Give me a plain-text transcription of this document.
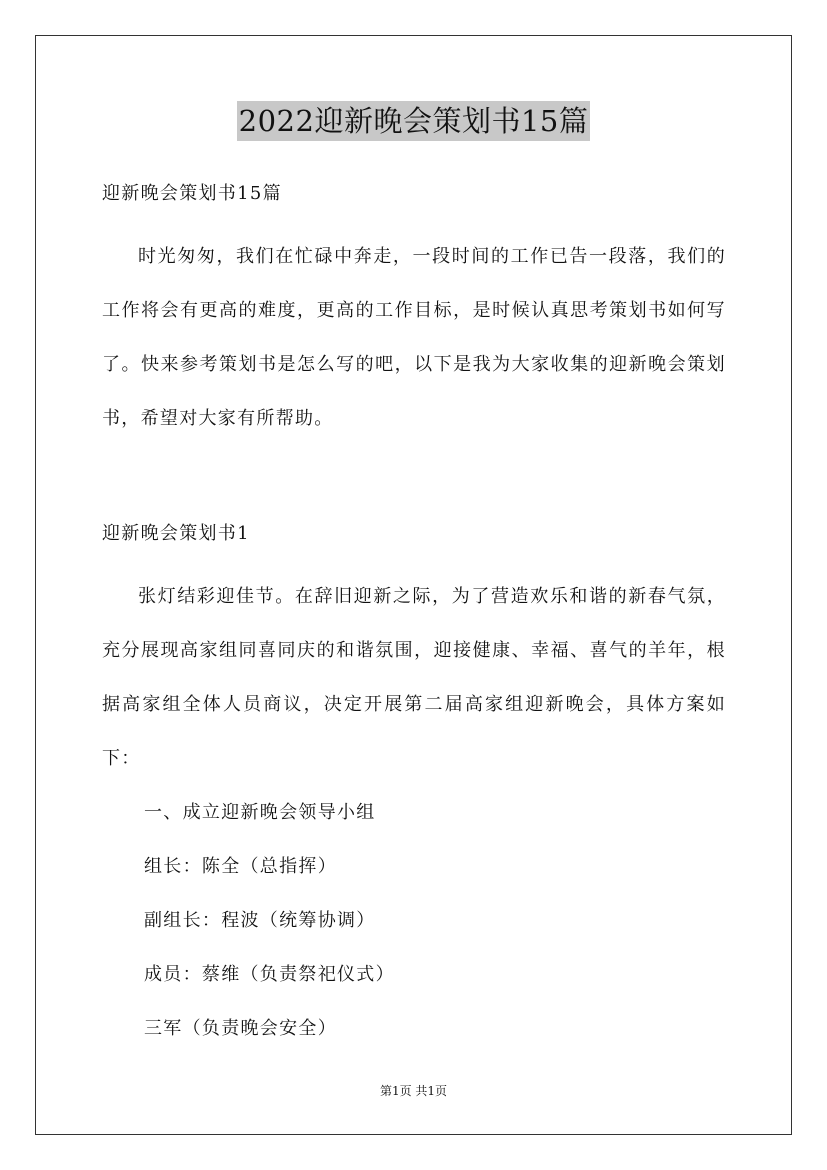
2022迎新晚会策划书15篇

迎新晚会策划书15篇

时光匆匆，我们在忙碌中奔走，一段时间的工作已告一段落，我们的工作将会有更高的难度，更高的工作目标，是时候认真思考策划书如何写了。快来参考策划书是怎么写的吧，以下是我为大家收集的迎新晚会策划书，希望对大家有所帮助。

迎新晚会策划书1

张灯结彩迎佳节。在辞旧迎新之际，为了营造欢乐和谐的新春气氛，充分展现高家组同喜同庆的和谐氛围，迎接健康、幸福、喜气的羊年，根据高家组全体人员商议，决定开展第二届高家组迎新晚会，具体方案如下：

一、成立迎新晚会领导小组

组长：陈全（总指挥）

副组长：程波（统筹协调）

成员：蔡维（负责祭祀仪式）

三军（负责晚会安全）

第1页 共1页
